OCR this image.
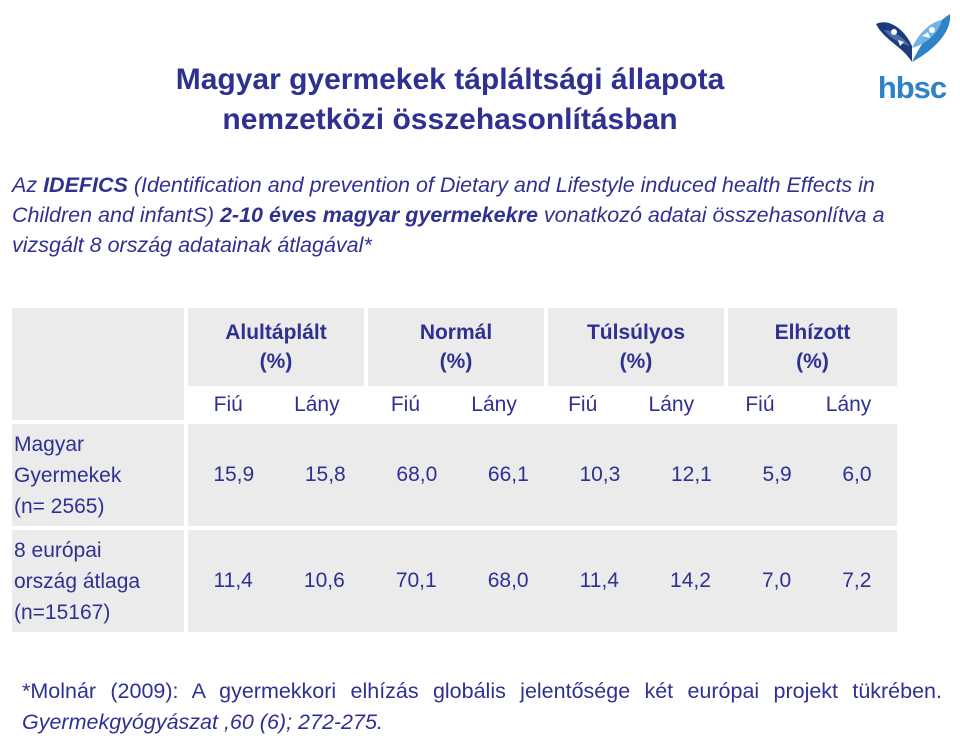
Magyar gyermekek tápláltsági állapota
nemzetközi összehasonlításban
hbsc
Az IDEFICS (Identification and prevention of Dietary and Lifestyle induced health Effects in Children and infantS) 2-10 éves magyar gyermekekre vonatkozó adatai összehasonlítva a vizsgált 8 ország adatainak átlagával*
Alultáplált
(%)
Normál
(%)
Túlsúlyos
(%)
Elhízott
(%)
Fiú Lány Fiú Lány Fiú Lány Fiú Lány
Magyar
Gyermekek
(n= 2565)
15,9 15,8 68,0 66,1 10,3 12,1 5,9 6,0
8 európai
ország átlaga
(n=15167)
11,4 10,6 70,1 68,0 11,4 14,2 7,0 7,2
*Molnár (2009): A gyermekkori elhízás globális jelentősége két európai projekt tükrében. Gyermekgyógyászat ,60 (6); 272-275.
